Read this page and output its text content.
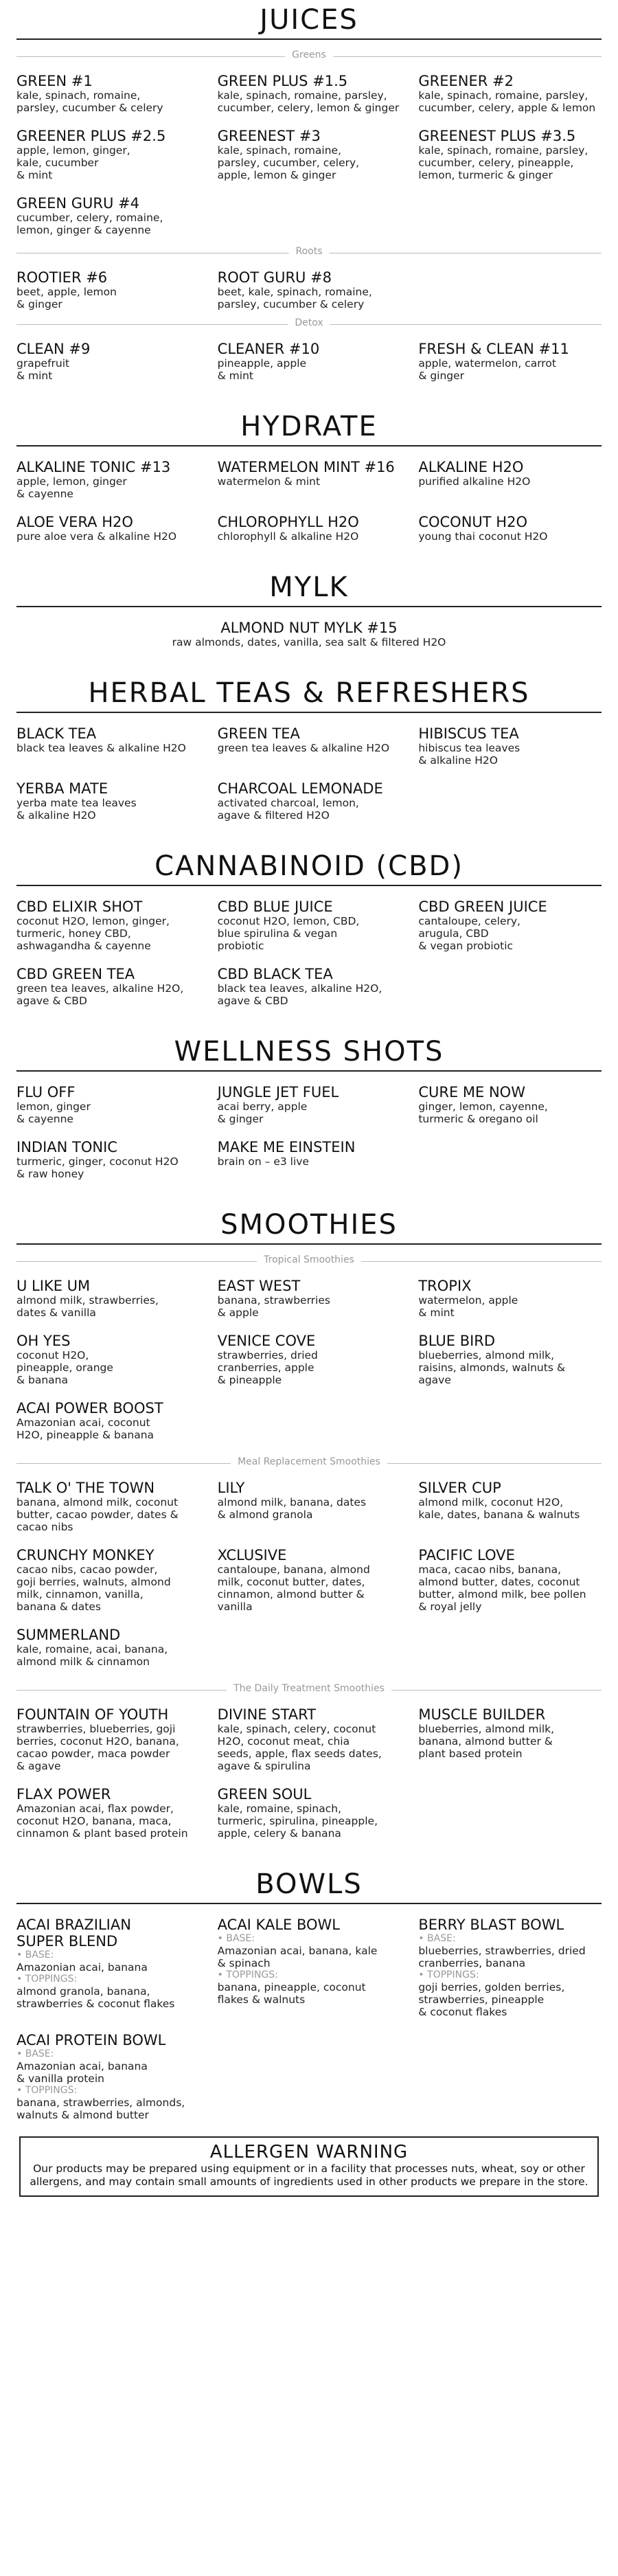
JUICES
Greens
GREEN #1
kale, spinach, romaine,
parsley, cucumber & celery
GREEN PLUS #1.5
kale, spinach, romaine, parsley,
cucumber, celery, lemon & ginger
GREENER #2
kale, spinach, romaine, parsley,
cucumber, celery, apple & lemon
GREENER PLUS #2.5
apple, lemon, ginger,
kale, cucumber
& mint
GREENEST #3
kale, spinach, romaine,
parsley, cucumber, celery,
apple, lemon & ginger
GREENEST PLUS #3.5
kale, spinach, romaine, parsley,
cucumber, celery, pineapple,
lemon, turmeric & ginger
GREEN GURU #4
cucumber, celery, romaine,
lemon, ginger & cayenne
Roots
ROOTIER #6
beet, apple, lemon
& ginger
ROOT GURU #8
beet, kale, spinach, romaine,
parsley, cucumber & celery
Detox
CLEAN #9
grapefruit
& mint
CLEANER #10
pineapple, apple
& mint
FRESH & CLEAN #11
apple, watermelon, carrot
& ginger
HYDRATE
ALKALINE TONIC #13
apple, lemon, ginger
& cayenne
WATERMELON MINT #16
watermelon & mint
ALKALINE H2O
purified alkaline H2O
ALOE VERA H2O
pure aloe vera & alkaline H2O
CHLOROPHYLL H2O
chlorophyll & alkaline H2O
COCONUT H2O
young thai coconut H2O
MYLK
ALMOND NUT MYLK #15
raw almonds, dates, vanilla, sea salt & filtered H2O
HERBAL TEAS & REFRESHERS
BLACK TEA
black tea leaves & alkaline H2O
GREEN TEA
green tea leaves & alkaline H2O
HIBISCUS TEA
hibiscus tea leaves
& alkaline H2O
YERBA MATE
yerba mate tea leaves
& alkaline H2O
CHARCOAL LEMONADE
activated charcoal, lemon,
agave & filtered H2O
CANNABINOID (CBD)
CBD ELIXIR SHOT
coconut H2O, lemon, ginger,
turmeric, honey CBD,
ashwagandha & cayenne
CBD BLUE JUICE
coconut H2O, lemon, CBD,
blue spirulina & vegan
probiotic
CBD GREEN JUICE
cantaloupe, celery,
arugula, CBD
& vegan probiotic
CBD GREEN TEA
green tea leaves, alkaline H2O,
agave & CBD
CBD BLACK TEA
black tea leaves, alkaline H2O,
agave & CBD
WELLNESS SHOTS
FLU OFF
lemon, ginger
& cayenne
JUNGLE JET FUEL
acai berry, apple
& ginger
CURE ME NOW
ginger, lemon, cayenne,
turmeric & oregano oil
INDIAN TONIC
turmeric, ginger, coconut H2O
& raw honey
MAKE ME EINSTEIN
brain on – e3 live
SMOOTHIES
Tropical Smoothies
U LIKE UM
almond milk, strawberries,
dates & vanilla
EAST WEST
banana, strawberries
& apple
TROPIX
watermelon, apple
& mint
OH YES
coconut H2O,
pineapple, orange
& banana
VENICE COVE
strawberries, dried
cranberries, apple
& pineapple
BLUE BIRD
blueberries, almond milk,
raisins, almonds, walnuts &
agave
ACAI POWER BOOST
Amazonian acai, coconut
H2O, pineapple & banana
Meal Replacement Smoothies
TALK O' THE TOWN
banana, almond milk, coconut
butter, cacao powder, dates &
cacao nibs
LILY
almond milk, banana, dates
& almond granola
SILVER CUP
almond milk, coconut H2O,
kale, dates, banana & walnuts
CRUNCHY MONKEY
cacao nibs, cacao powder,
goji berries, walnuts, almond
milk, cinnamon, vanilla,
banana & dates
XCLUSIVE
cantaloupe, banana, almond
milk, coconut butter, dates,
cinnamon, almond butter &
vanilla
PACIFIC LOVE
maca, cacao nibs, banana,
almond butter, dates, coconut
butter, almond milk, bee pollen
& royal jelly
SUMMERLAND
kale, romaine, acai, banana,
almond milk & cinnamon
The Daily Treatment Smoothies
FOUNTAIN OF YOUTH
strawberries, blueberries, goji
berries, coconut H2O, banana,
cacao powder, maca powder
& agave
DIVINE START
kale, spinach, celery, coconut
H2O, coconut meat, chia
seeds, apple, flax seeds dates,
agave & spirulina
MUSCLE BUILDER
blueberries, almond milk,
banana, almond butter &
plant based protein
FLAX POWER
Amazonian acai, flax powder,
coconut H2O, banana, maca,
cinnamon & plant based protein
GREEN SOUL
kale, romaine, spinach,
turmeric, spirulina, pineapple,
apple, celery & banana
BOWLS
ACAI BRAZILIAN
SUPER BLEND
• BASE:
Amazonian acai, banana
• TOPPINGS:
almond granola, banana,
strawberries & coconut flakes
ACAI KALE BOWL
• BASE:
Amazonian acai, banana, kale
& spinach
• TOPPINGS:
banana, pineapple, coconut
flakes & walnuts
BERRY BLAST BOWL
• BASE:
blueberries, strawberries, dried
cranberries, banana
• TOPPINGS:
goji berries, golden berries,
strawberries, pineapple
& coconut flakes
ACAI PROTEIN BOWL
• BASE:
Amazonian acai, banana
& vanilla protein
• TOPPINGS:
banana, strawberries, almonds,
walnuts & almond butter
ALLERGEN WARNING
Our products may be prepared using equipment or in a facility that processes nuts, wheat, soy or other allergens, and may contain small amounts of ingredients used in other products we prepare in the store.
